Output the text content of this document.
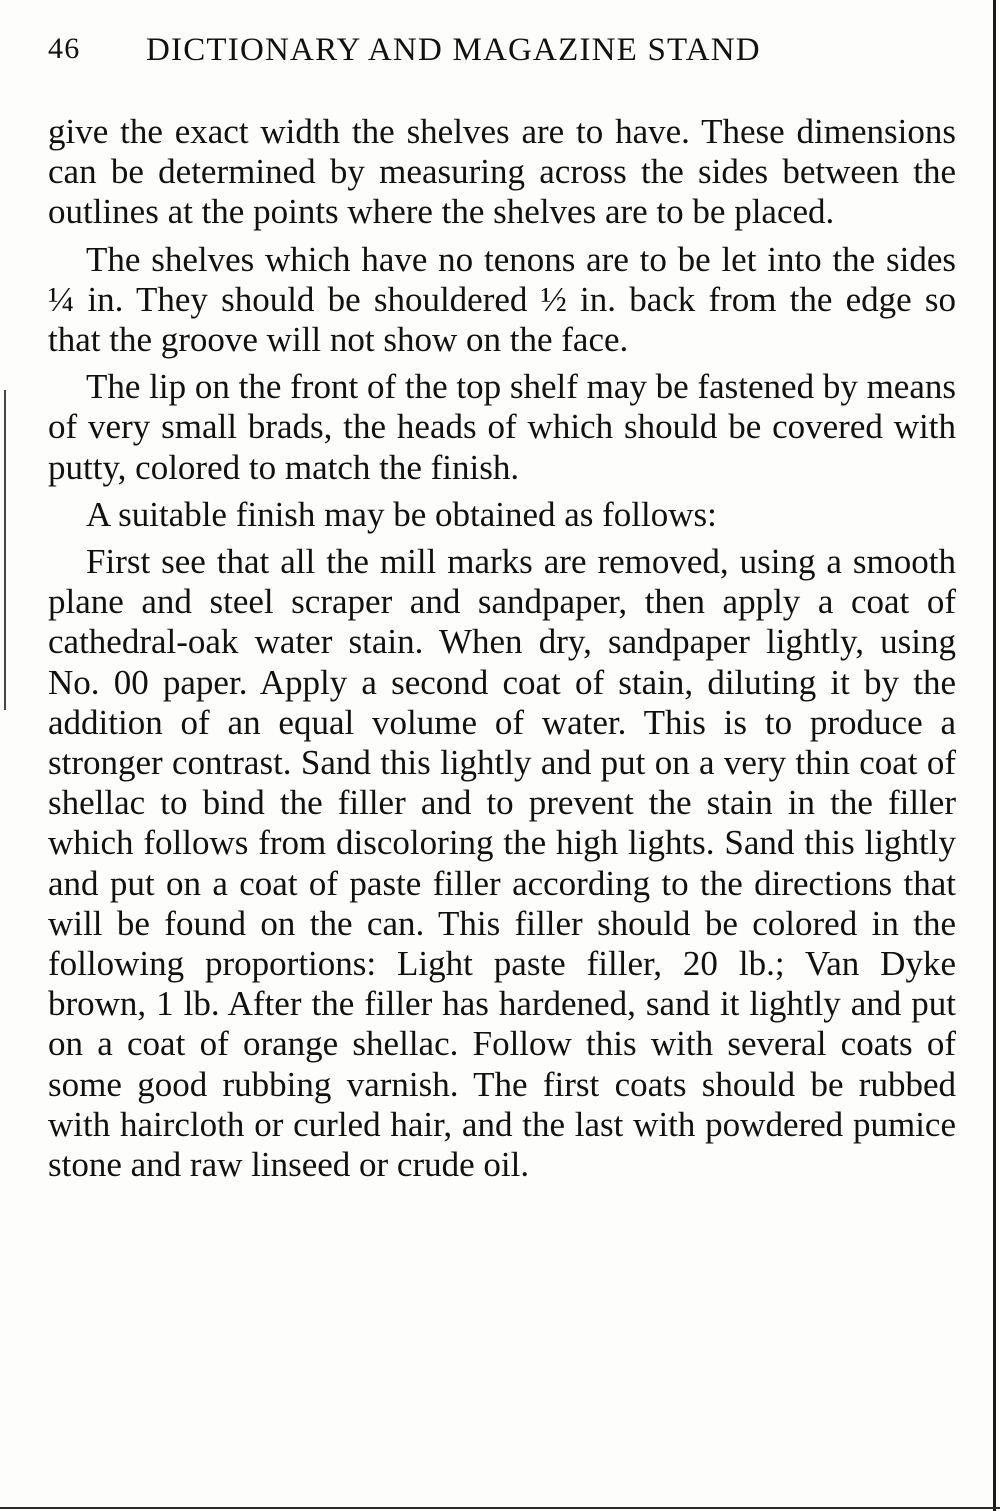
46 DICTIONARY AND MAGAZINE STAND

give the exact width the shelves are to have. These dimensions can be determined by measuring across the sides between the outlines at the points where the shelves are to be placed.

The shelves which have no tenons are to be let into the sides ¼ in. They should be shouldered ½ in. back from the edge so that the groove will not show on the face.

The lip on the front of the top shelf may be fastened by means of very small brads, the heads of which should be covered with putty, colored to match the finish.

A suitable finish may be obtained as follows:

First see that all the mill marks are removed, using a smooth plane and steel scraper and sandpaper, then apply a coat of cathedral-oak water stain. When dry, sandpaper lightly, using No. 00 paper. Apply a second coat of stain, diluting it by the addition of an equal volume of water. This is to produce a stronger contrast. Sand this lightly and put on a very thin coat of shellac to bind the filler and to prevent the stain in the filler which follows from discoloring the high lights. Sand this lightly and put on a coat of paste filler according to the directions that will be found on the can. This filler should be colored in the following proportions: Light paste filler, 20 lb.; Van Dyke brown, 1 lb. After the filler has hardened, sand it lightly and put on a coat of orange shellac. Follow this with several coats of some good rubbing varnish. The first coats should be rubbed with haircloth or curled hair, and the last with powdered pumice stone and raw linseed or crude oil.
